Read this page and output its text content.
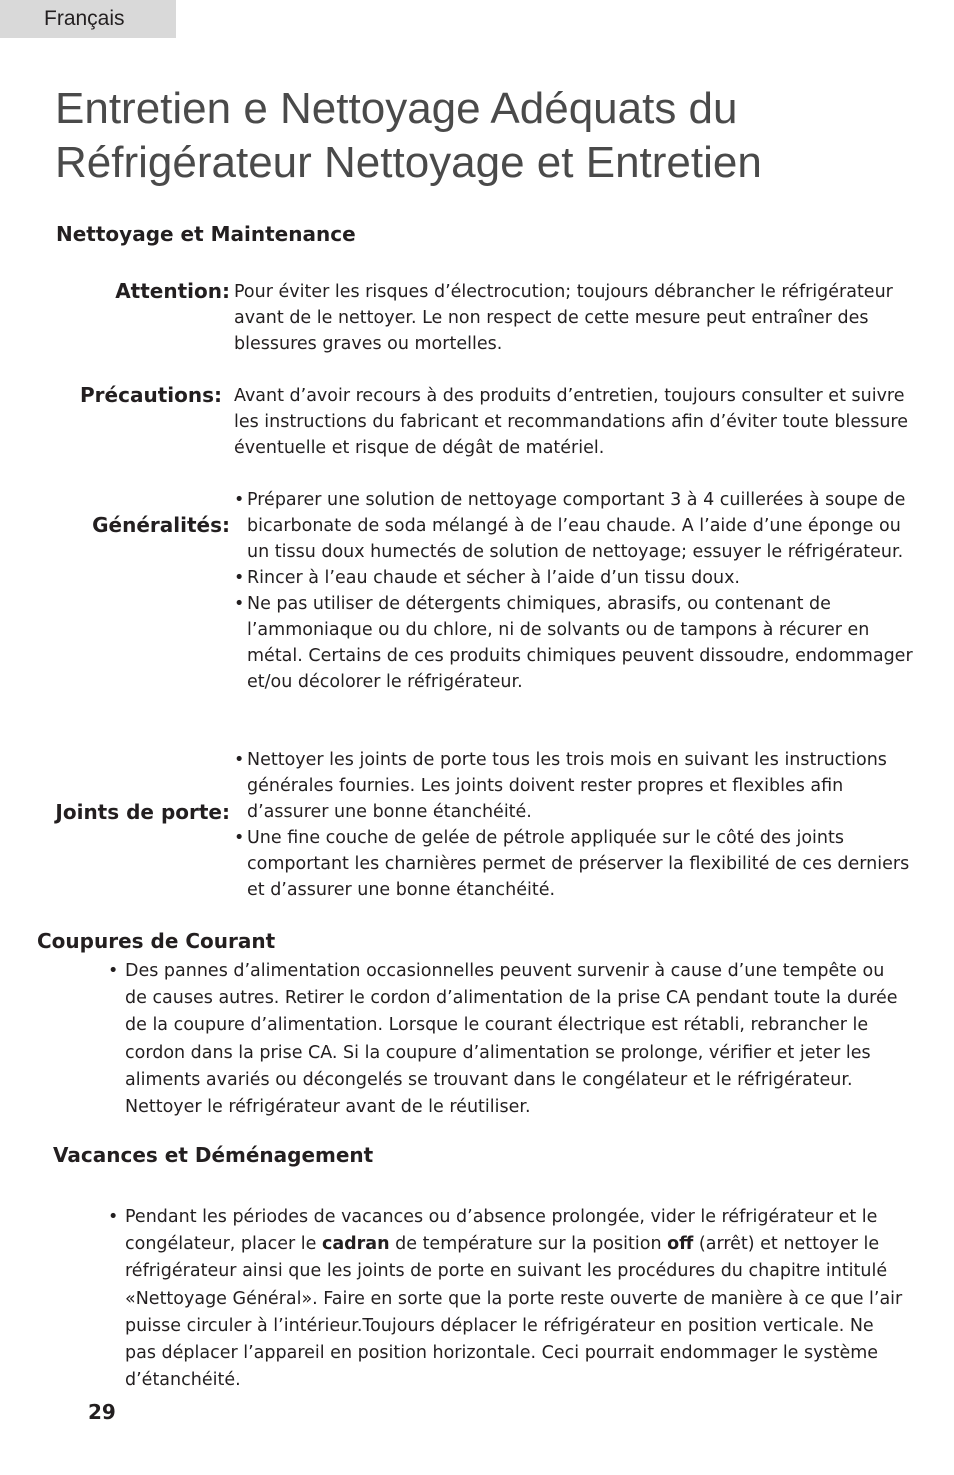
Français
Entretien e Nettoyage Adéquats du
Réfrigérateur Nettoyage et Entretien
Nettoyage et Maintenance
Attention: Pour éviter les risques d’électrocution; toujours débrancher le réfrigérateur avant de le nettoyer. Le non respect de cette mesure peut entraîner des blessures graves ou mortelles.

Précautions: Avant d’avoir recours à des produits d’entretien, toujours consulter et suivre les instructions du fabricant et recommandations afin d’éviter toute blessure éventuelle et risque de dégât de matériel.

Généralités:
• Préparer une solution de nettoyage comportant 3 à 4 cuillerées à soupe de bicarbonate de soda mélangé à de l’eau chaude. A l’aide d’une éponge ou un tissu doux humectés de solution de nettoyage; essuyer le réfrigérateur.
• Rincer à l’eau chaude et sécher à l’aide d’un tissu doux.
• Ne pas utiliser de détergents chimiques, abrasifs, ou contenant de l’ammoniaque ou du chlore, ni de solvants ou de tampons à récurer en métal. Certains de ces produits chimiques peuvent dissoudre, endommager et/ou décolorer le réfrigérateur.
Joints de porte:
• Nettoyer les joints de porte tous les trois mois en suivant les instructions générales fournies. Les joints doivent rester propres et flexibles afin d’assurer une bonne étanchéité.
• Une fine couche de gelée de pétrole appliquée sur le côté des joints comportant les charnières permet de préserver la flexibilité de ces derniers et d’assurer une bonne étanchéité.
Coupures de Courant
• Des pannes d’alimentation occasionnelles peuvent survenir à cause d’une tempête ou de causes autres. Retirer le cordon d’alimentation de la prise CA pendant toute la durée de la coupure d’alimentation. Lorsque le courant électrique est rétabli, rebrancher le cordon dans la prise CA. Si la coupure d’alimentation se prolonge, vérifier et jeter les aliments avariés ou décongelés se trouvant dans le congélateur et le réfrigérateur. Nettoyer le réfrigérateur avant de le réutiliser.
Vacances et Déménagement
• Pendant les périodes de vacances ou d’absence prolongée, vider le réfrigérateur et le congélateur, placer le cadran de température sur la position off (arrêt) et nettoyer le réfrigérateur ainsi que les joints de porte en suivant les procédures du chapitre intitulé «Nettoyage Général». Faire en sorte que la porte reste ouverte de manière à ce que l’air puisse circuler à l’intérieur.Toujours déplacer le réfrigérateur en position verticale. Ne pas déplacer l’appareil en position horizontale. Ceci pourrait endommager le système d’étanchéité.
29
